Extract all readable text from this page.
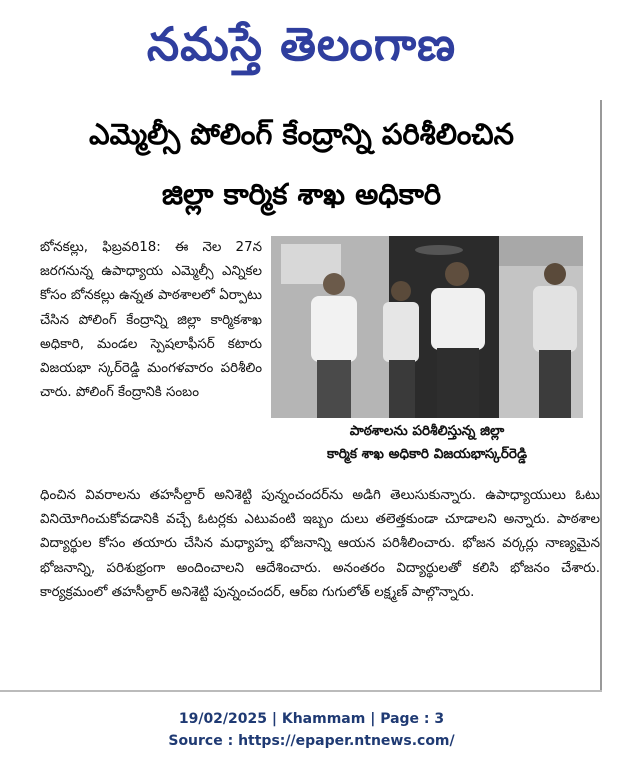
నమస్తే తెలంగాణ
ఎమ్మెల్సీ పోలింగ్ కేంద్రాన్ని పరిశీలించిన
జిల్లా కార్మిక శాఖ అధికారి

బోనకల్లు, ఫిబ్రవరి18: ఈ నెల 27న జరగనున్న ఉపాధ్యాయ ఎమ్మెల్సీ ఎన్నికల కోసం బోనకల్లు ఉన్నత పాఠశాలలో ఏర్పాటు చేసిన పోలింగ్ కేంద్రాన్ని జిల్లా కార్మికశాఖ అధికారి, మండల స్పెషలాఫీసర్ కటారు విజయభా స్కర్‌రెడ్డి మంగళవారం పరిశీలిం చారు. పోలింగ్ కేంద్రానికి సంబం

పాఠశాలను పరిశీలిస్తున్న జిల్లా
కార్మిక శాఖ అధికారి విజయభాస్కర్‌రెడ్డి

ధించిన వివరాలను తహసీల్దార్ అనిశెట్టి పున్నంచందర్‌ను అడిగి తెలుసుకున్నారు. ఉపాధ్యాయులు ఓటు వినియోగించుకోవడానికి వచ్చే ఓటర్లకు ఎటువంటి ఇబ్బం దులు తలెత్తకుండా చూడాలని అన్నారు. పాఠశాల విద్యార్థుల కోసం తయారు చేసిన మధ్యాహ్న భోజనాన్ని ఆయన పరిశీలించారు. భోజన వర్కర్లు నాణ్యమైన భోజనాన్ని, పరిశుభ్రంగా అందించాలని ఆదేశించారు. అనంతరం విద్యార్థులతో కలిసి భోజనం చేశారు. కార్యక్రమంలో తహసీల్దార్ అనిశెట్టి పున్నంచందర్, ఆర్ఐ గుగులోత్ లక్ష్మణ్ పాల్గొన్నారు.

19/02/2025 | Khammam | Page : 3
Source : https://epaper.ntnews.com/
